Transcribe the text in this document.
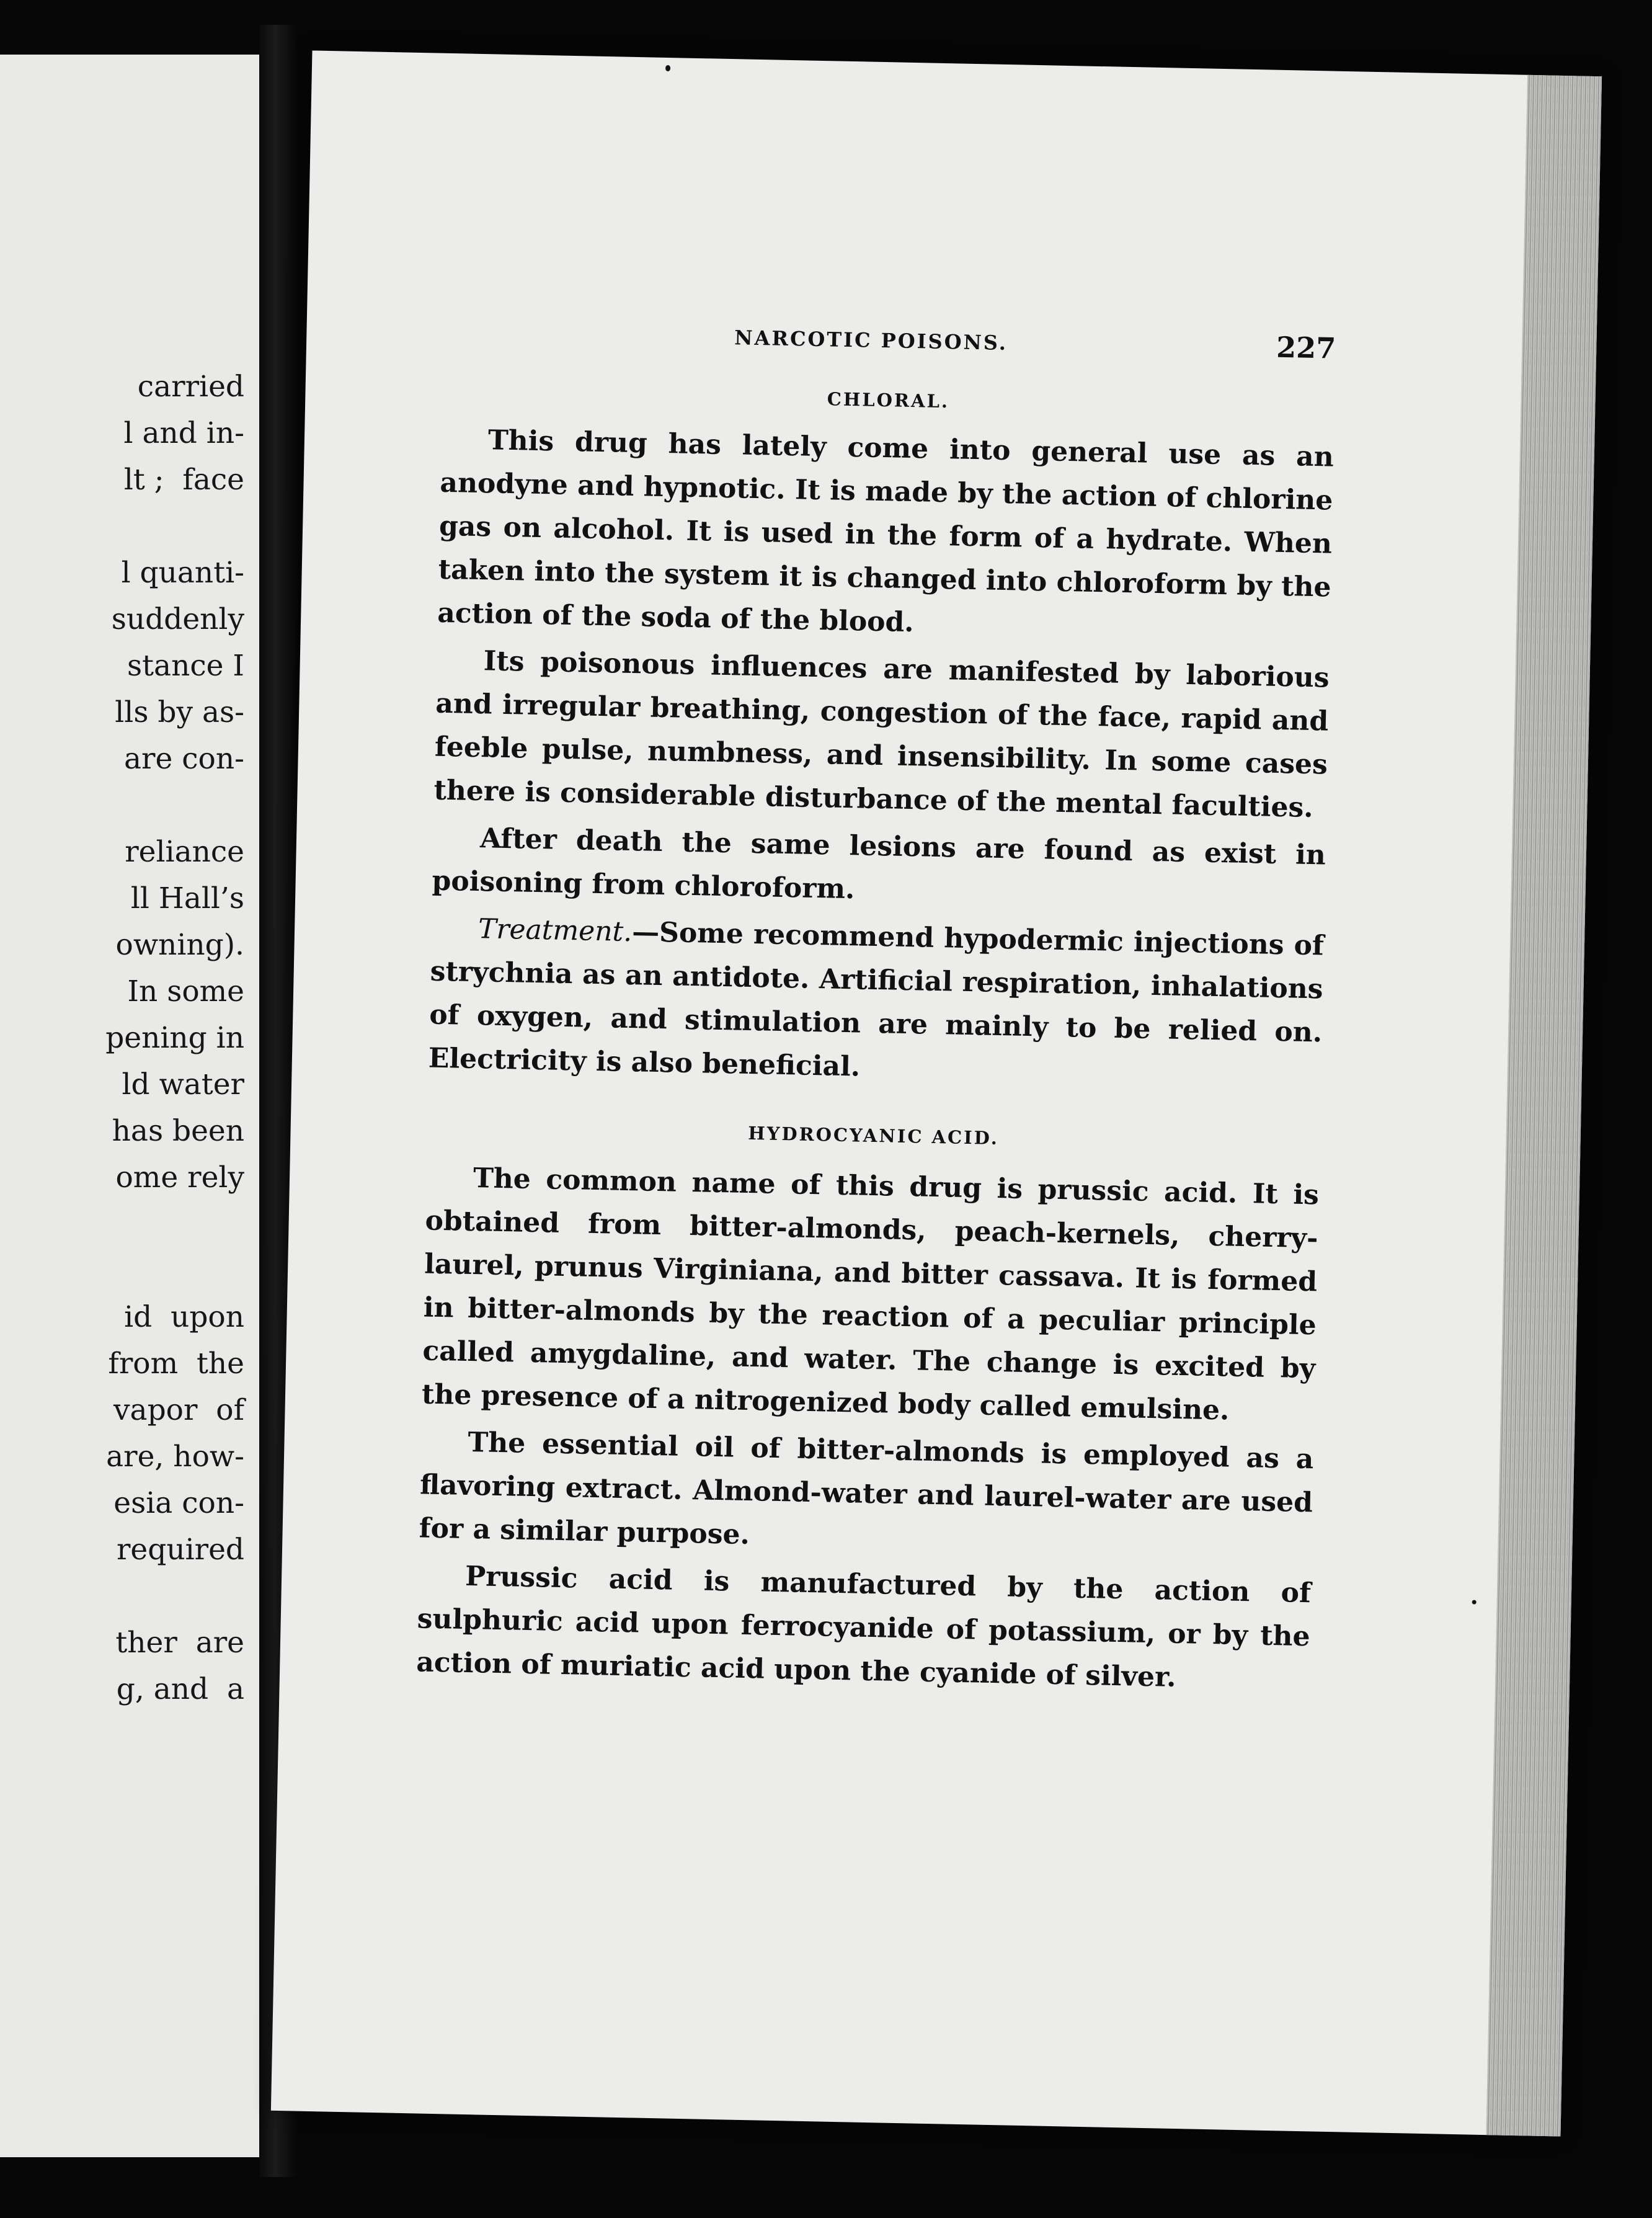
carried
l and in-
lt ;  face
l quanti-
suddenly
stance I
lls by as-
are con-
reliance
ll Hall’s
owning).
In some
pening in
ld water
has been
ome rely
id  upon
from  the
vapor  of
are, how-
esia con-
required
ther  are
g, and  a
NARCOTIC POISONS.	227
CHLORAL.

This drug has lately come into general use as an anodyne and hypnotic. It is made by the action of chlorine gas on alcohol. It is used in the form of a hydrate. When taken into the system it is changed into chloroform by the action of the soda of the blood.

Its poisonous influences are manifested by laborious and irregular breathing, congestion of the face, rapid and feeble pulse, numbness, and insensibility. In some cases there is considerable disturbance of the mental faculties.

After death the same lesions are found as exist in poisoning from chloroform.

Treatment.—Some recommend hypodermic injections of strychnia as an antidote. Artificial respiration, inhalations of oxygen, and stimulation are mainly to be relied on. Electricity is also beneficial.

HYDROCYANIC ACID.

The common name of this drug is prussic acid. It is obtained from bitter-almonds, peach-kernels, cherry-laurel, prunus Virginiana, and bitter cassava. It is formed in bitter-almonds by the reaction of a peculiar principle called amygdaline, and water. The change is excited by the presence of a nitrogenized body called emulsine.

The essential oil of bitter-almonds is employed as a flavoring extract. Almond-water and laurel-water are used for a similar purpose.

Prussic acid is manufactured by the action of sulphuric acid upon ferrocyanide of potassium, or by the action of muriatic acid upon the cyanide of silver.
